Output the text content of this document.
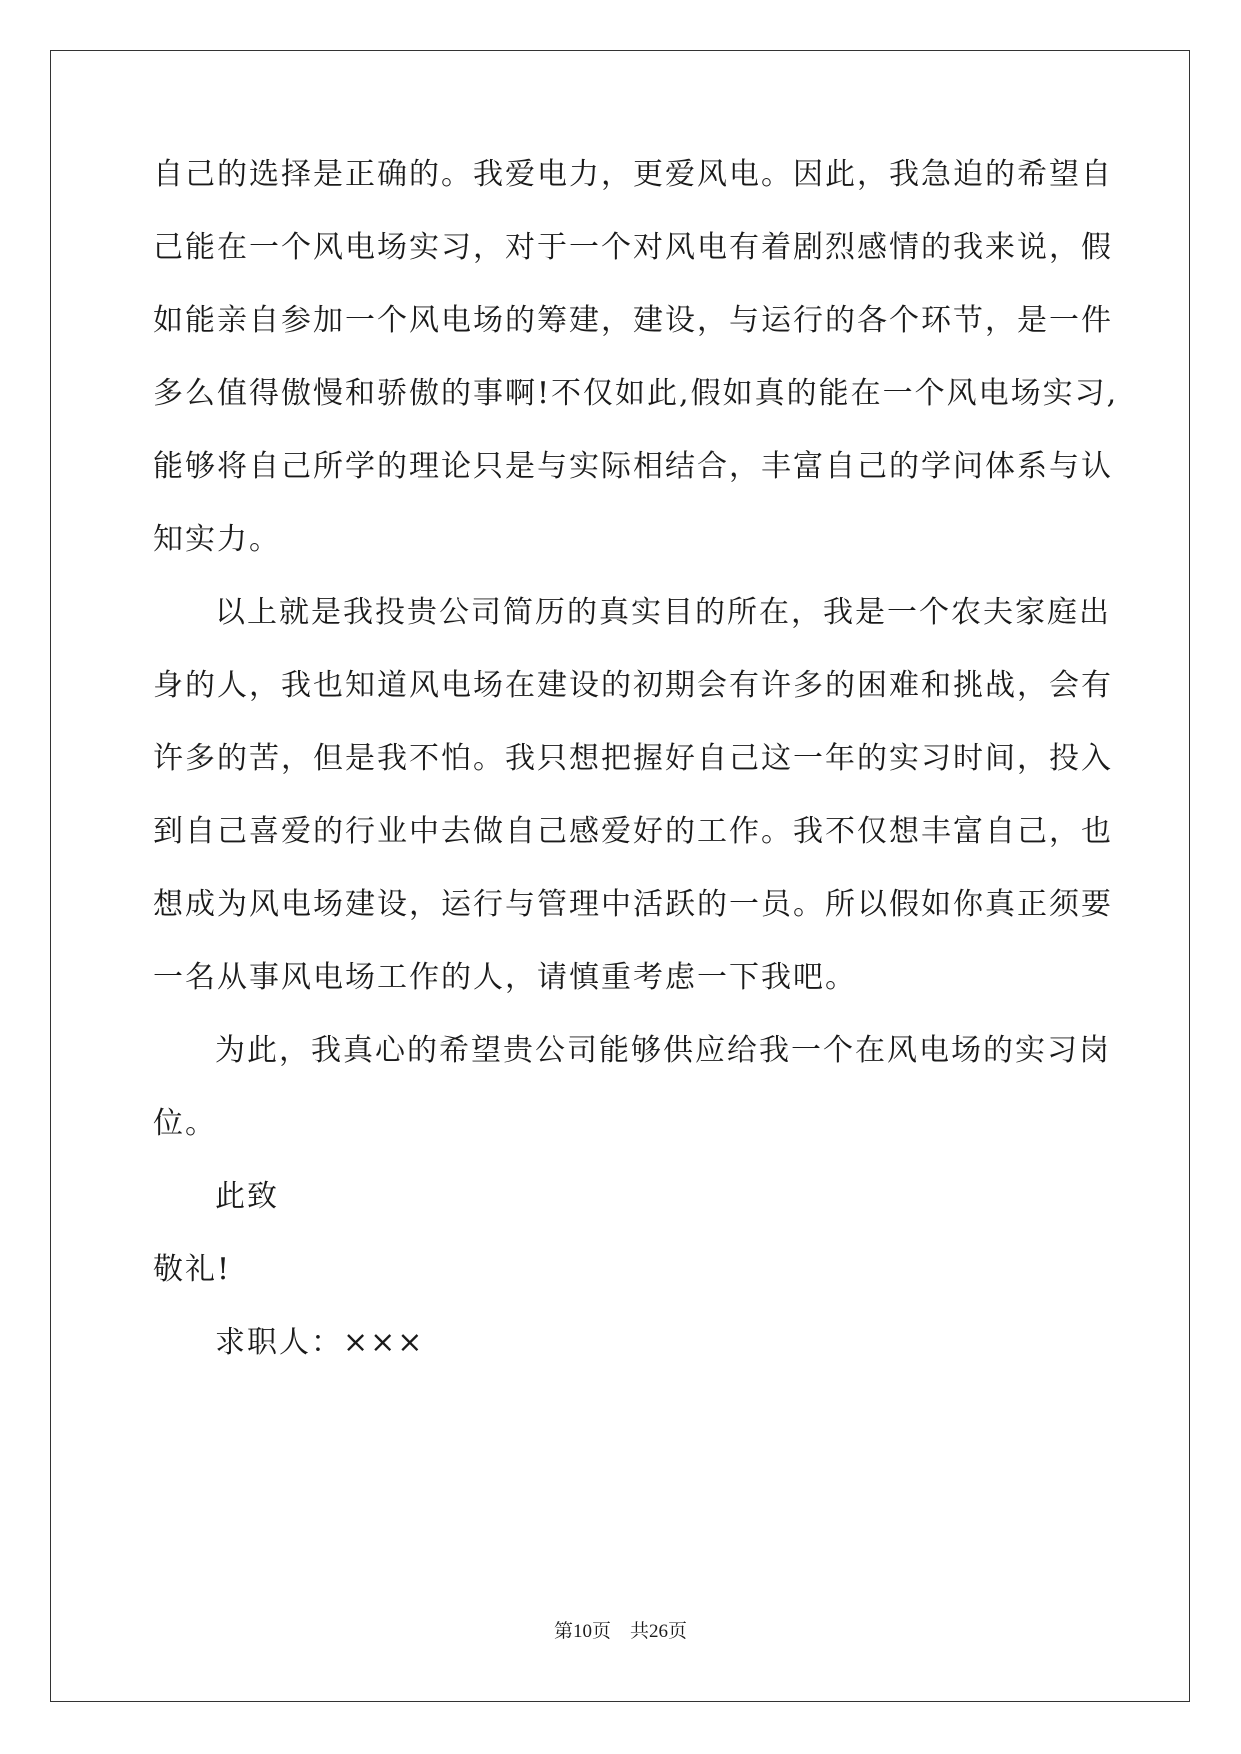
自己的选择是正确的。我爱电力，更爱风电。因此，我急迫的希望自
己能在一个风电场实习，对于一个对风电有着剧烈感情的我来说，假
如能亲自参加一个风电场的筹建，建设，与运行的各个环节，是一件
多么值得傲慢和骄傲的事啊!不仅如此,假如真的能在一个风电场实习,
能够将自己所学的理论只是与实际相结合，丰富自己的学问体系与认
知实力。
以上就是我投贵公司简历的真实目的所在，我是一个农夫家庭出
身的人，我也知道风电场在建设的初期会有许多的困难和挑战，会有
许多的苦，但是我不怕。我只想把握好自己这一年的实习时间，投入
到自己喜爱的行业中去做自己感爱好的工作。我不仅想丰富自己，也
想成为风电场建设，运行与管理中活跃的一员。所以假如你真正须要
一名从事风电场工作的人，请慎重考虑一下我吧。
为此，我真心的希望贵公司能够供应给我一个在风电场的实习岗
位。
此致
敬礼!
求职人：×××
第10页　共26页
